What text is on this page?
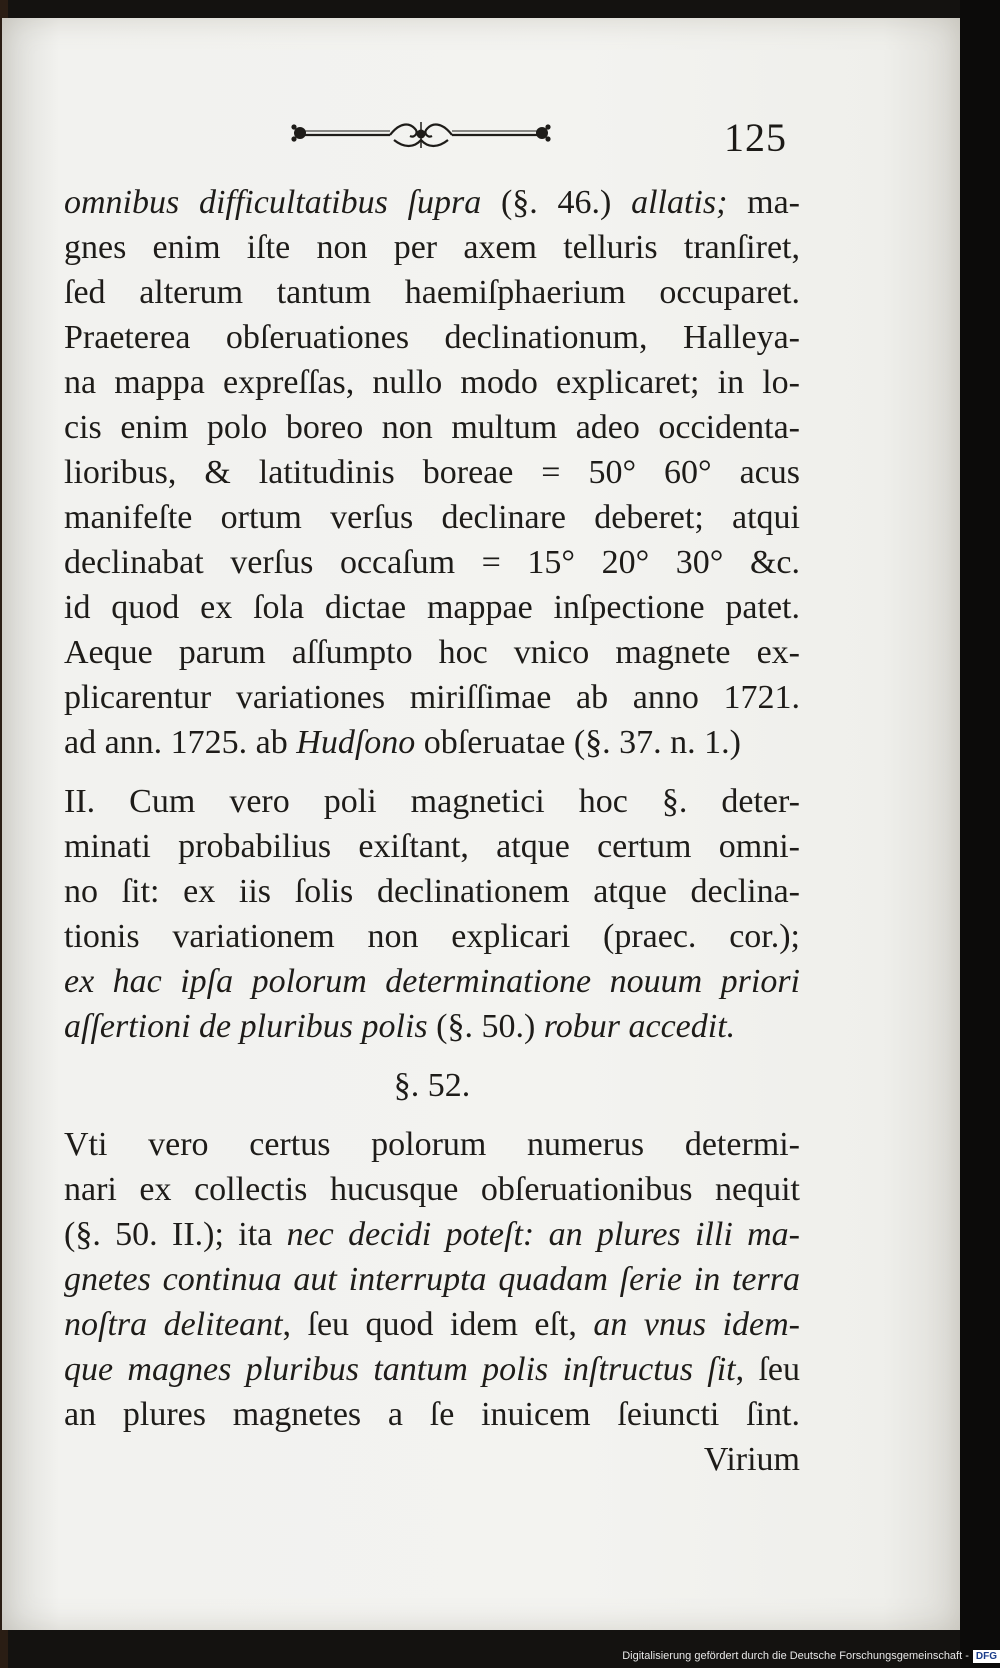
125
omnibus difficultatibus ſupra (§. 46.) allatis; ma-
gnes enim iſte non per axem telluris tranſiret,
ſed alterum tantum haemiſphaerium occuparet.
Praeterea obſeruationes declinationum, Halleya-
na mappa expreſſas, nullo modo explicaret; in lo-
cis enim polo boreo non multum adeo occidenta-
lioribus, & latitudinis boreae = 50° 60° acus
manifeſte ortum verſus declinare deberet; atqui
declinabat verſus occaſum = 15° 20° 30° &c.
id quod ex ſola dictae mappae inſpectione patet.
Aeque parum aſſumpto hoc vnico magnete ex-
plicarentur variationes miriſſimae ab anno 1721.
ad ann. 1725. ab Hudſono obſeruatae (§. 37. n. 1.)
II. Cum vero poli magnetici hoc §. deter-
minati probabilius exiſtant, atque certum omni-
no ſit: ex iis ſolis declinationem atque declina-
tionis variationem non explicari (praec. cor.);
ex hac ipſa polorum determinatione nouum priori
aſſertioni de pluribus polis (§. 50.) robur accedit.
§. 52.
Vti vero certus polorum numerus determi-
nari ex collectis hucusque obſeruationibus nequit
(§. 50. II.); ita nec decidi poteſt: an plures illi ma-
gnetes continua aut interrupta quadam ſerie in terra
noſtra deliteant, ſeu quod idem eſt, an vnus idem-
que magnes pluribus tantum polis inſtructus ſit, ſeu
an plures magnetes a ſe inuicem ſeiuncti ſint.
Virium
Digitalisierung gefördert durch die Deutsche Forschungsgemeinschaft - DFG
